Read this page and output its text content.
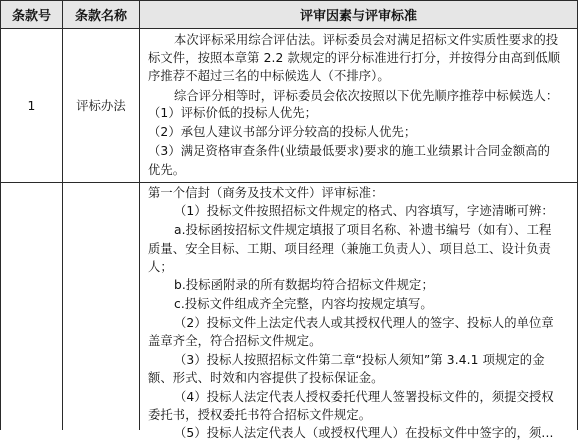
条款号 条款名称	评审因素与评审标准
1	评标办法
本次评标采用综合评估法。评标委员会对满足招标文件实质性要求的投
标文件，按照本章第 2.2 款规定的评分标准进行打分，并按得分由高到低顺
序推荐不超过三名的中标候选人（不排序）。
综合评分相等时，评标委员会依次按照以下优先顺序推荐中标候选人：
（1）评标价低的投标人优先；
（2）承包人建议书部分评分较高的投标人优先；
（3）满足资格审查条件(业绩最低要求)要求的施工业绩累计合同金额高的
优先。
第一个信封（商务及技术文件）评审标准：
（1）投标文件按照招标文件规定的格式、内容填写，字迹清晰可辨：
a.投标函按招标文件规定填报了项目名称、补遗书编号（如有）、工程
质量、安全目标、工期、项目经理（兼施工负责人）、项目总工、设计负责
人；
b.投标函附录的所有数据均符合招标文件规定；
c.投标文件组成齐全完整，内容均按规定填写。
（2）投标文件上法定代表人或其授权代理人的签字、投标人的单位章
盖章齐全，符合招标文件规定。
（3）投标人按照招标文件第二章“投标人须知”第 3.4.1 项规定的金
额、形式、时效和内容提供了投标保证金。
（4）投标人法定代表人授权委托代理人签署投标文件的，须提交授权
委托书，授权委托书符合招标文件规定。
（5）投标人法定代表人（或授权代理人）在投标文件中签字的，须...
